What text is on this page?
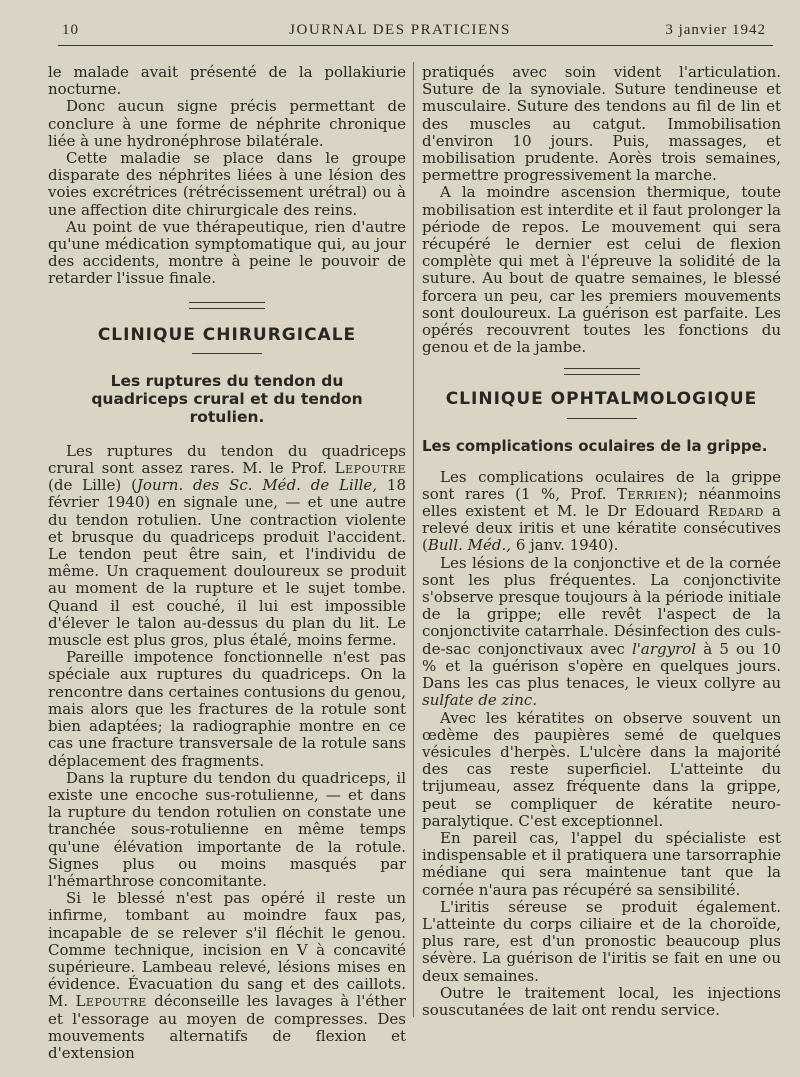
10	JOURNAL DES PRATICIENS	3 janvier 1942

le malade avait présenté de la pollakiurie nocturne.

Donc aucun signe précis permettant de conclure à une forme de néphrite chronique liée à une hydronéphrose bilatérale.

Cette maladie se place dans le groupe disparate des néphrites liées à une lésion des voies excrétrices (rétrécissement urétral) ou à une affection dite chirurgicale des reins.

Au point de vue thérapeutique, rien d'autre qu'une médication symptomatique qui, au jour des accidents, montre à peine le pouvoir de retarder l'issue finale.

CLINIQUE CHIRURGICALE
Les ruptures du tendon du quadriceps crural et du tendon rotulien.

Les ruptures du tendon du quadriceps crural sont assez rares. M. le Prof. Lepoutre (de Lille) (Journ. des Sc. Méd. de Lille, 18 février 1940) en signale une, — et une autre du tendon rotulien. Une contraction violente et brusque du quadriceps produit l'accident. Le tendon peut être sain, et l'individu de même. Un craquement douloureux se produit au moment de la rupture et le sujet tombe. Quand il est couché, il lui est impossible d'élever le talon au-dessus du plan du lit. Le muscle est plus gros, plus étalé, moins ferme.

Pareille impotence fonctionnelle n'est pas spéciale aux ruptures du quadriceps. On la rencontre dans certaines contusions du genou, mais alors que les fractures de la rotule sont bien adaptées; la radiographie montre en ce cas une fracture transversale de la rotule sans déplacement des fragments.

Dans la rupture du tendon du quadriceps, il existe une encoche sus-rotulienne, — et dans la rupture du tendon rotulien on constate une tranchée sous-rotulienne en même temps qu'une élévation importante de la rotule. Signes plus ou moins masqués par l'hémarthrose concomitante.

Si le blessé n'est pas opéré il reste un infirme, tombant au moindre faux pas, incapable de se relever s'il fléchit le genou. Comme technique, incision en V à concavité supérieure. Lambeau relevé, lésions mises en évidence. Évacuation du sang et des caillots. M. Lepoutre déconseille les lavages à l'éther et l'essorage au moyen de compresses. Des mouvements alternatifs de flexion et d'extension

pratiqués avec soin vident l'articulation. Suture de la synoviale. Suture tendineuse et musculaire. Suture des tendons au fil de lin et des muscles au catgut. Immobilisation d'environ 10 jours. Puis, massages, et mobilisation prudente. Aorès trois semaines, permettre progressivement la marche.

A la moindre ascension thermique, toute mobilisation est interdite et il faut prolonger la période de repos. Le mouvement qui sera récupéré le dernier est celui de flexion complète qui met à l'épreuve la solidité de la suture. Au bout de quatre semaines, le blessé forcera un peu, car les premiers mouvements sont douloureux. La guérison est parfaite. Les opérés recouvrent toutes les fonctions du genou et de la jambe.

CLINIQUE OPHTALMOLOGIQUE
Les complications oculaires de la grippe.

Les complications oculaires de la grippe sont rares (1 %, Prof. Terrien); néanmoins elles existent et M. le Dr Edouard Redard a relevé deux iritis et une kératite consécutives (Bull. Méd., 6 janv. 1940).

Les lésions de la conjonctive et de la cornée sont les plus fréquentes. La conjonctivite s'observe presque toujours à la période initiale de la grippe; elle revêt l'aspect de la conjonctivite catarrhale. Désinfection des culs-de-sac conjonctivaux avec l'argyrol à 5 ou 10 % et la guérison s'opère en quelques jours. Dans les cas plus tenaces, le vieux collyre au sulfate de zinc.

Avec les kératites on observe souvent un œdème des paupières semé de quelques vésicules d'herpès. L'ulcère dans la majorité des cas reste superficiel. L'atteinte du trijumeau, assez fréquente dans la grippe, peut se compliquer de kératite neuro-paralytique. C'est exceptionnel.

En pareil cas, l'appel du spécialiste est indispensable et il pratiquera une tarsorraphie médiane qui sera maintenue tant que la cornée n'aura pas récupéré sa sensibilité.

L'iritis séreuse se produit également. L'atteinte du corps ciliaire et de la choroïde, plus rare, est d'un pronostic beaucoup plus sévère. La guérison de l'iritis se fait en une ou deux semaines.

Outre le traitement local, les injections souscutanées de lait ont rendu service.
